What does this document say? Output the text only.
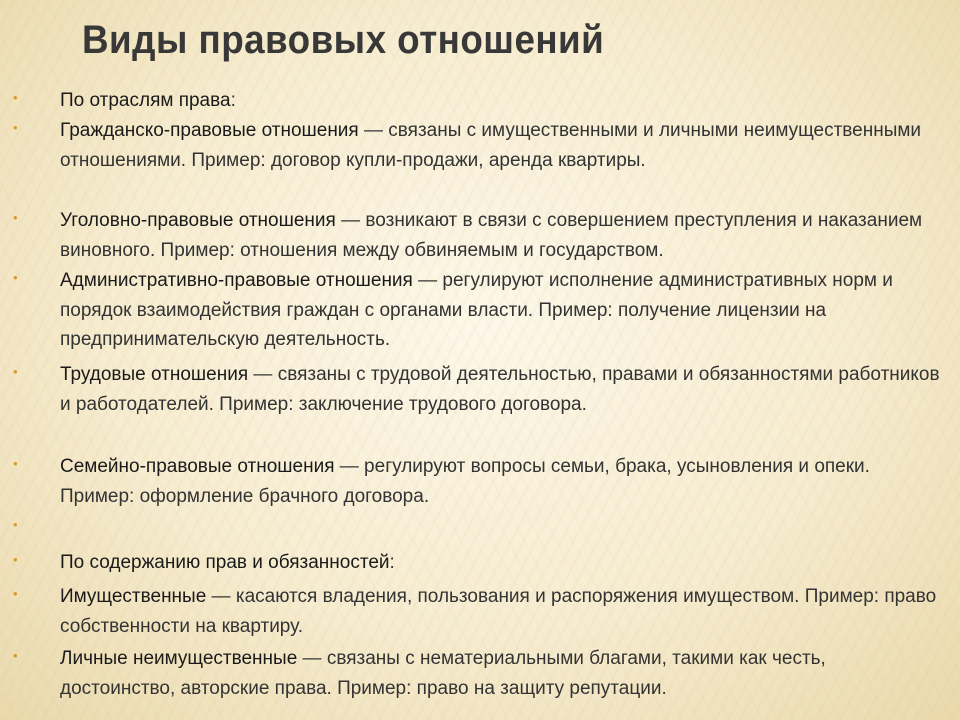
Виды правовых отношений
• По отраслям права:
• Гражданско-правовые отношения — связаны с имущественными и личными неимущественными отношениями. Пример: договор купли-продажи, аренда квартиры.
• Уголовно-правовые отношения — возникают в связи с совершением преступления и наказанием виновного. Пример: отношения между обвиняемым и государством.
• Административно-правовые отношения — регулируют исполнение административных норм и порядок взаимодействия граждан с органами власти. Пример: получение лицензии на предпринимательскую деятельность.
• Трудовые отношения — связаны с трудовой деятельностью, правами и обязанностями работников и работодателей. Пример: заключение трудового договора.
• Семейно-правовые отношения — регулируют вопросы семьи, брака, усыновления и опеки. Пример: оформление брачного договора.
•
• По содержанию прав и обязанностей:
• Имущественные — касаются владения, пользования и распоряжения имуществом. Пример: право собственности на квартиру.
• Личные неимущественные — связаны с нематериальными благами, такими как честь, достоинство, авторские права. Пример: право на защиту репутации.
